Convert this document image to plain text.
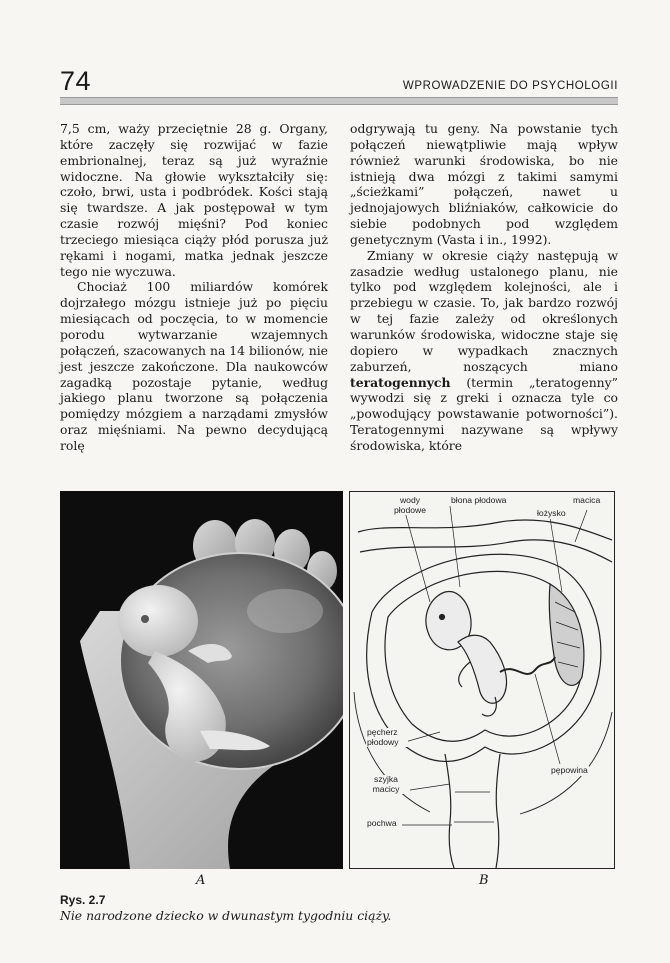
74	WPROWADZENIE DO PSYCHOLOGII

7,5 cm, waży przeciętnie 28 g. Organy, które zaczęły się rozwijać w fazie embrionalnej, teraz są już wyraźnie widoczne. Na głowie wykształciły się: czoło, brwi, usta i podbródek. Kości stają się twardsze. A jak postępował w tym czasie rozwój mięśni? Pod koniec trzeciego miesiąca ciąży płód porusza już rękami i nogami, matka jednak jeszcze tego nie wyczuwa.

Chociaż 100 miliardów komórek dojrzałego mózgu istnieje już po pięciu miesiącach od poczęcia, to w momencie porodu wytwarzanie wzajemnych połączeń, szacowanych na 14 bilionów, nie jest jeszcze zakończone. Dla naukowców zagadką pozostaje pytanie, według jakiego planu tworzone są połączenia pomiędzy mózgiem a narządami zmysłów oraz mięśniami. Na pewno decydującą rolę

odgrywają tu geny. Na powstanie tych połączeń niewątpliwie mają wpływ również warunki środowiska, bo nie istnieją dwa mózgi z takimi samymi „ścieżkami” połączeń, nawet u jednojajowych bliźniaków, całkowicie do siebie podobnych pod względem genetycznym (Vasta i in., 1992).

Zmiany w okresie ciąży następują w zasadzie według ustalonego planu, nie tylko pod względem kolejności, ale i przebiegu w czasie. To, jak bardzo rozwój w tej fazie zależy od określonych warunków środowiska, widoczne staje się dopiero w wypadkach znacznych zaburzeń, noszących miano teratogennych (termin „teratogenny” wywodzi się z greki i oznacza tyle co „powodujący powstawanie potworności”). Teratogennymi nazywane są wpływy środowiska, które

wody płodowe
błona płodowa	macica
łożysko
pęcherz płodowy
pępowina
szyjka macicy
pochwa
A	B
Rys. 2.7
Nie narodzone dziecko w dwunastym tygodniu ciąży.
